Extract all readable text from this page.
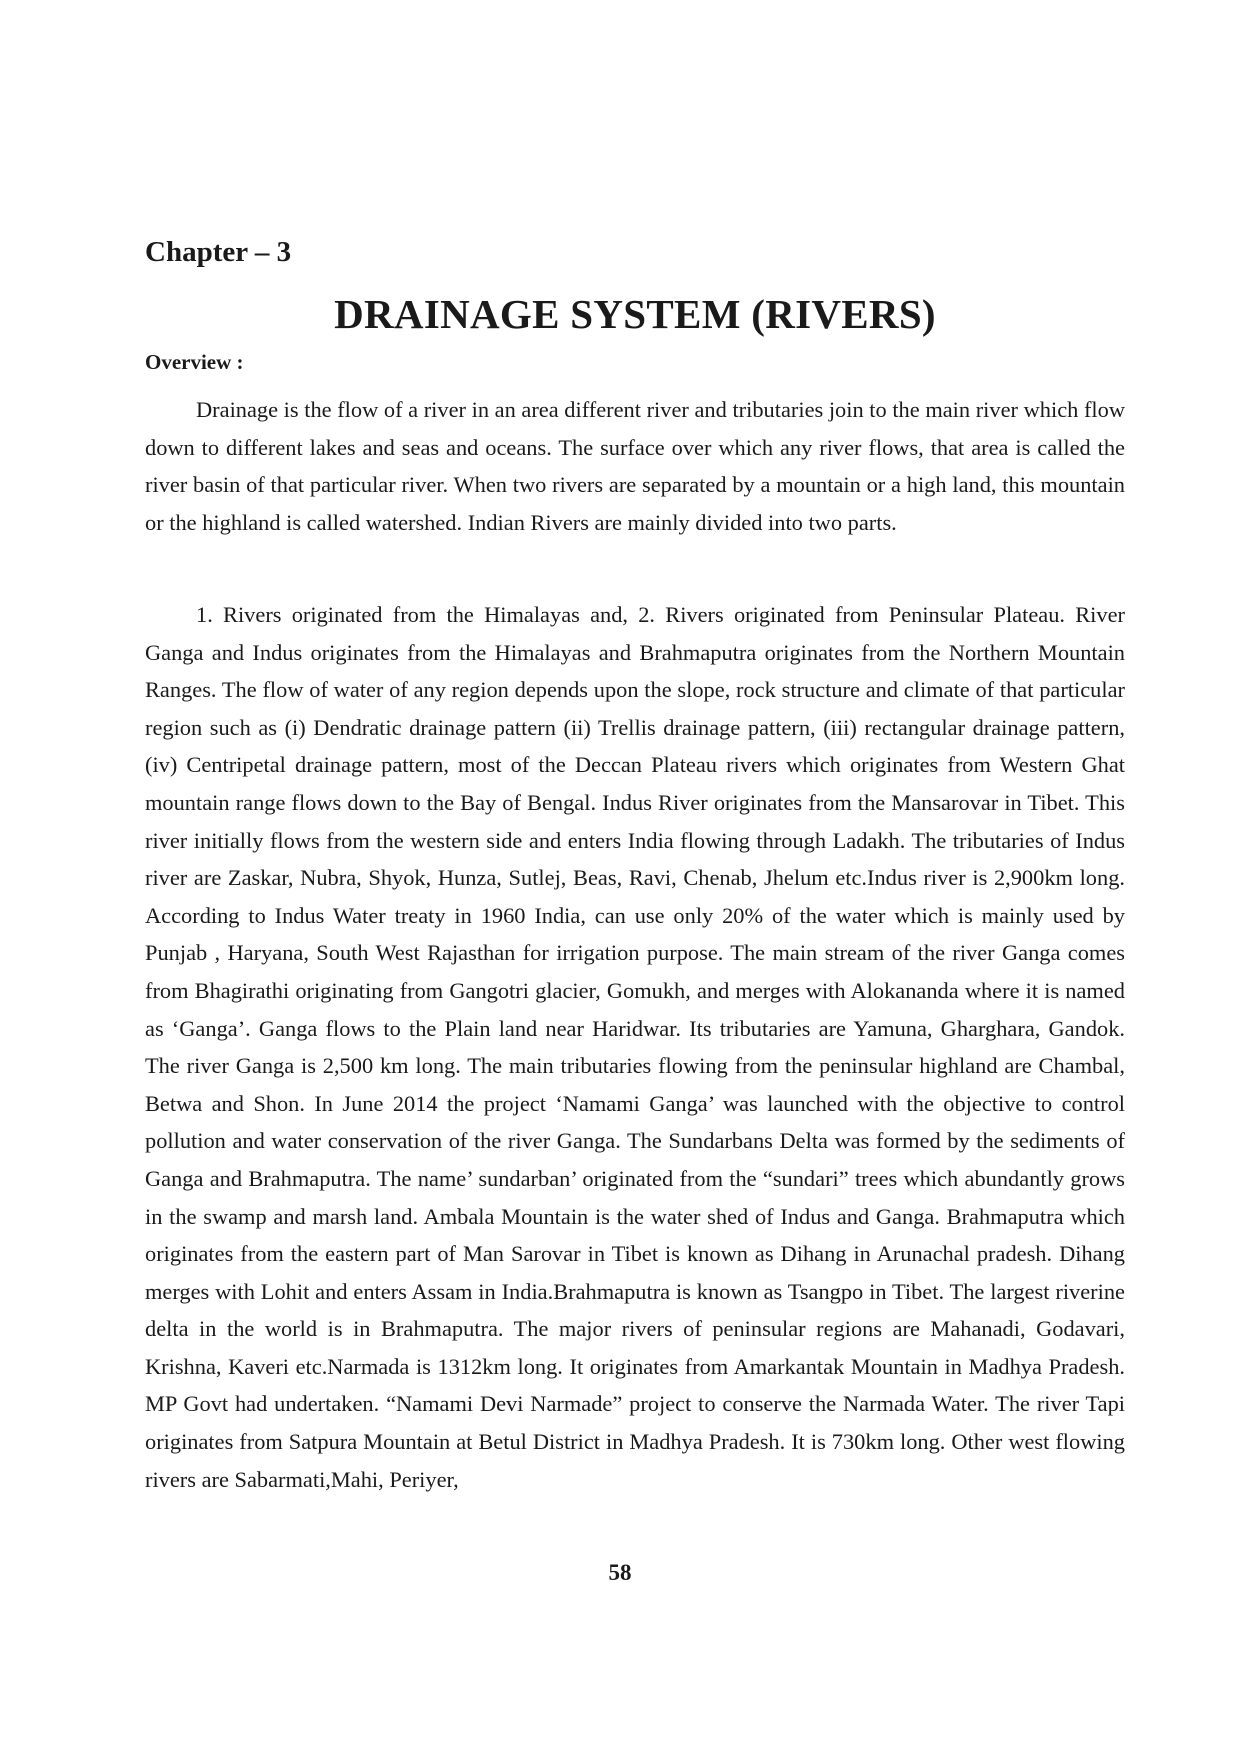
Chapter – 3
DRAINAGE SYSTEM (RIVERS)
Overview :

Drainage is the flow of a river in an area different river and tributaries join to the main river which flow down to different lakes and seas and oceans. The surface over which any river flows, that area is called the river basin of that particular river. When two rivers are separated by a mountain or a high land, this mountain or the highland is called watershed. Indian Rivers are mainly divided into two parts.

1. Rivers originated from the Himalayas and, 2. Rivers originated from Peninsular Plateau. River Ganga and Indus originates from the Himalayas and Brahmaputra originates from the Northern Mountain Ranges. The flow of water of any region depends upon the slope, rock structure and climate of that particular region such as (i) Dendratic drainage pattern (ii) Trellis drainage pattern, (iii) rectangular drainage pattern, (iv) Centripetal drainage pattern, most of the Deccan Plateau rivers which originates from Western Ghat mountain range flows down to the Bay of Bengal. Indus River originates from the Mansarovar in Tibet. This river initially flows from the western side and enters India flowing through Ladakh. The tributaries of Indus river are Zaskar, Nubra, Shyok, Hunza, Sutlej, Beas, Ravi, Chenab, Jhelum etc.Indus river is 2,900km long. According to Indus Water treaty in 1960 India, can use only 20% of the water which is mainly used by Punjab , Haryana, South West Rajasthan for irrigation purpose. The main stream of the river Ganga comes from Bhagirathi originating from Gangotri glacier, Gomukh, and merges with Alokananda where it is named as ‘Ganga’. Ganga flows to the Plain land near Haridwar. Its tributaries are Yamuna, Gharghara, Gandok. The river Ganga is 2,500 km long. The main tributaries flowing from the peninsular highland are Chambal, Betwa and Shon. In June 2014 the project ‘Namami Ganga’ was launched with the objective to control pollution and water conservation of the river Ganga. The Sundarbans Delta was formed by the sediments of Ganga and Brahmaputra. The name’ sundarban’ originated from the “sundari” trees which abundantly grows in the swamp and marsh land. Ambala Mountain is the water shed of Indus and Ganga. Brahmaputra which originates from the eastern part of Man Sarovar in Tibet is known as Dihang in Arunachal pradesh. Dihang merges with Lohit and enters Assam in India.Brahmaputra is known as Tsangpo in Tibet. The largest riverine delta in the world is in Brahmaputra. The major rivers of peninsular regions are Mahanadi, Godavari, Krishna, Kaveri etc.Narmada is 1312km long. It originates from Amarkantak Mountain in Madhya Pradesh. MP Govt had undertaken. “Namami Devi Narmade” project to conserve the Narmada Water. The river Tapi originates from Satpura Mountain at Betul District in Madhya Pradesh. It is 730km long. Other west flowing rivers are Sabarmati,Mahi, Periyer,

58
